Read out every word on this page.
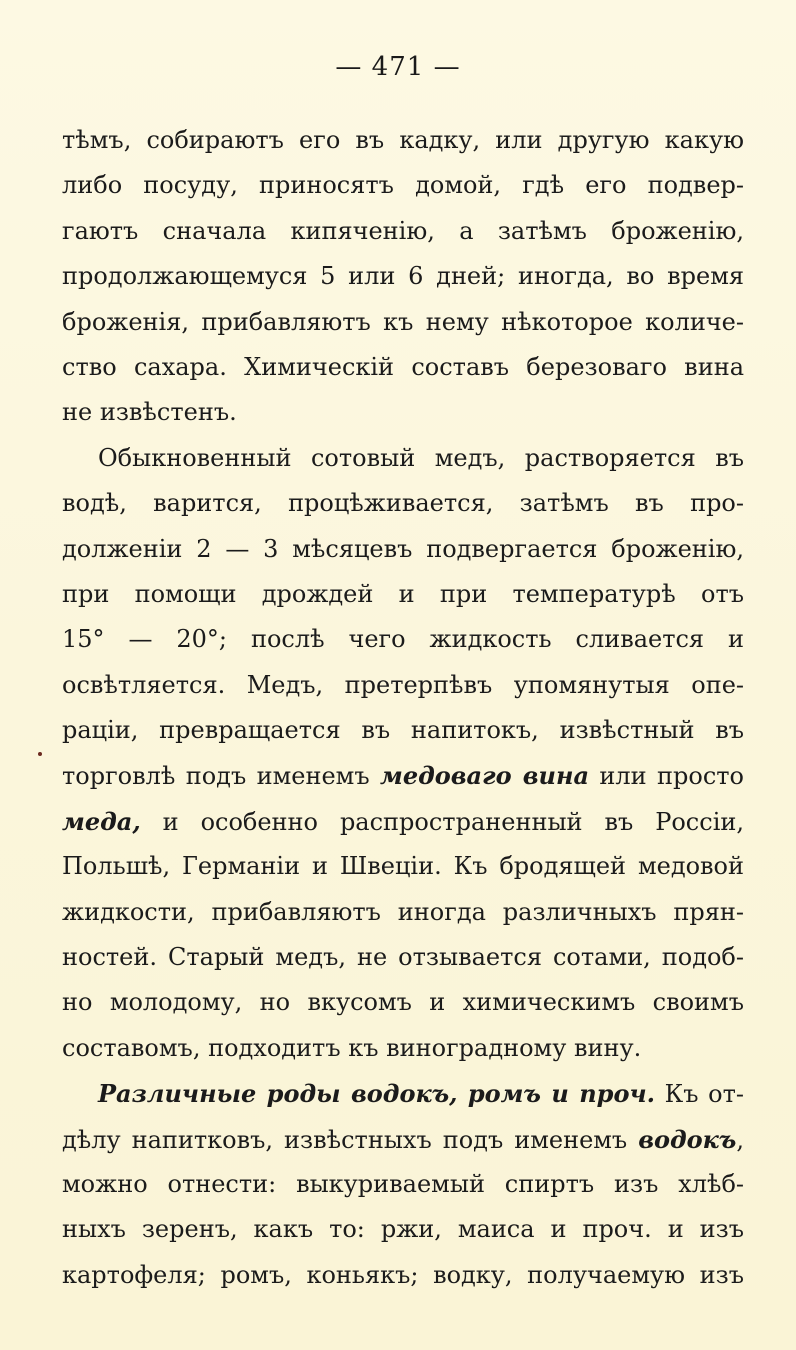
— 471 —
тѣмъ, собираютъ его въ кадку, или другую какую
либо посуду, приносятъ домой, гдѣ его подвер-
гаютъ сначала кипяченію, а затѣмъ броженію,
продолжающемуся 5 или 6 дней; иногда, во время
броженія, прибавляютъ къ нему нѣкоторое количе-
ство сахара. Химическій составъ березоваго вина
не извѣстенъ.
Обыкновенный сотовый медъ, растворяется въ
водѣ, варится, процѣживается, затѣмъ въ про-
долженіи 2 — 3 мѣсяцевъ подвергается броженію,
при помощи дрождей и при температурѣ отъ
15° — 20°; послѣ чего жидкость сливается и
освѣтляется. Медъ, претерпѣвъ упомянутыя опе-
раціи, превращается въ напитокъ, извѣстный въ
торговлѣ подъ именемъ медоваго вина или просто
меда, и особенно распространенный въ Россіи,
Польшѣ, Германіи и Швеціи. Къ бродящей медовой
жидкости, прибавляютъ иногда различныхъ прян-
ностей. Старый медъ, не отзывается сотами, подоб-
но молодому, но вкусомъ и химическимъ своимъ
составомъ, подходитъ къ виноградному вину.
Различные роды водокъ, ромъ и проч. Къ от-
дѣлу напитковъ, извѣстныхъ подъ именемъ водокъ,
можно отнести: выкуриваемый спиртъ изъ хлѣб-
ныхъ зеренъ, какъ то: ржи, маиса и проч. и изъ
картофеля; ромъ, коньякъ; водку, получаемую изъ
